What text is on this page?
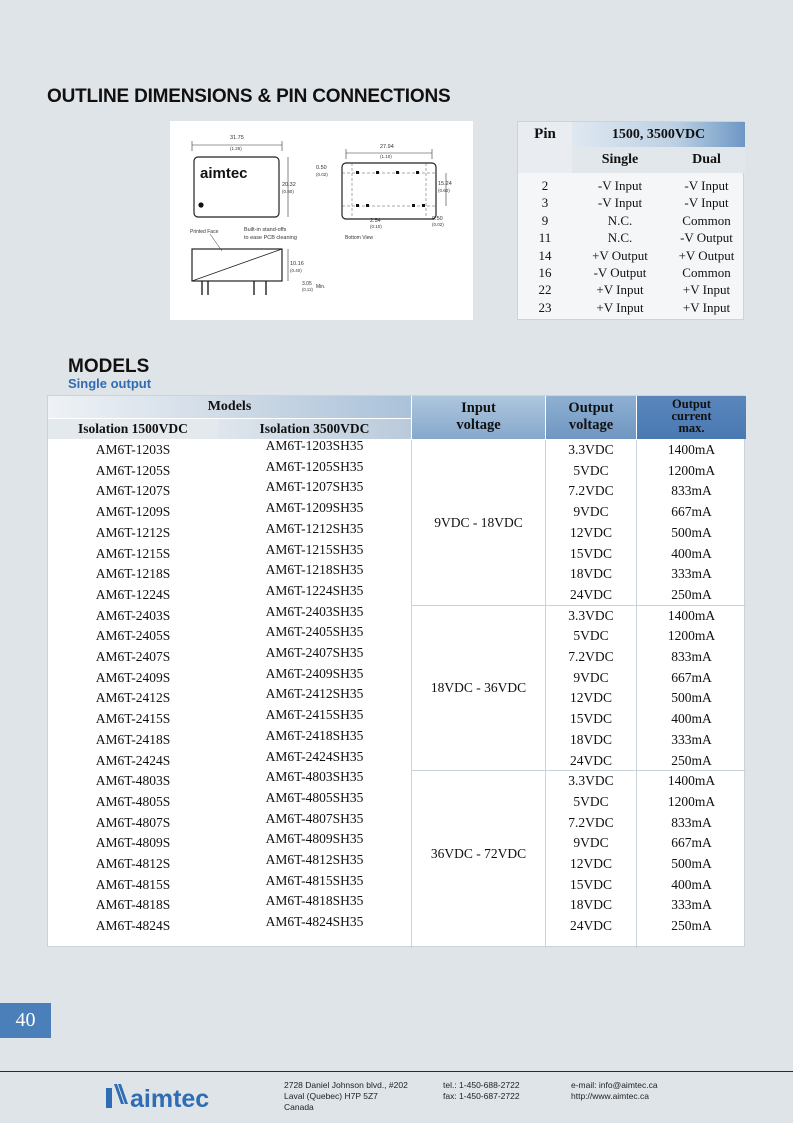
OUTLINE DIMENSIONS & PIN CONNECTIONS
31.75
(1.25)
aimtec
20.32
(0.80)
0.50
(0.02)
27.94
(1.10)
15.24
(0.60)
2.54
(0.10)
0.50
(0.02)
Bottom View
Printed Face	Built-in stand-offs
to ease PCB cleaning
10.16
(0.40)
3.05
(0.12) Min.
Pin	1500, 3500VDC
Single	Dual
2	-V Input	-V Input
3	-V Input	-V Input
9	N.C.	Common
11	N.C.	-V Output
14	+V Output	+V Output
16	-V Output	Common
22	+V Input	+V Input
23	+V Input	+V Input
MODELS
Single output
Models
Isolation 1500VDC	Isolation 3500VDC
Input
voltage
Output
voltage
Output
current
max.
AM6T-1203S	AM6T-1203SH35	3.3VDC	1400mA
AM6T-1205S	AM6T-1205SH35	5VDC	1200mA
AM6T-1207S	AM6T-1207SH35	7.2VDC	833mA
AM6T-1209S	AM6T-1209SH35	9VDC	667mA
AM6T-1212S	AM6T-1212SH35	12VDC	500mA
AM6T-1215S	AM6T-1215SH35	15VDC	400mA
AM6T-1218S	AM6T-1218SH35	18VDC	333mA
AM6T-1224S	AM6T-1224SH35	24VDC	250mA
9VDC - 18VDC
AM6T-2403S	AM6T-2403SH35	3.3VDC	1400mA
AM6T-2405S	AM6T-2405SH35	5VDC	1200mA
AM6T-2407S	AM6T-2407SH35	7.2VDC	833mA
AM6T-2409S	AM6T-2409SH35	9VDC	667mA
AM6T-2412S	AM6T-2412SH35	12VDC	500mA
AM6T-2415S	AM6T-2415SH35	15VDC	400mA
AM6T-2418S	AM6T-2418SH35	18VDC	333mA
AM6T-2424S	AM6T-2424SH35	24VDC	250mA
18VDC - 36VDC
AM6T-4803S	AM6T-4803SH35	3.3VDC	1400mA
AM6T-4805S	AM6T-4805SH35	5VDC	1200mA
AM6T-4807S	AM6T-4807SH35	7.2VDC	833mA
AM6T-4809S	AM6T-4809SH35	9VDC	667mA
AM6T-4812S	AM6T-4812SH35	12VDC	500mA
AM6T-4815S	AM6T-4815SH35	15VDC	400mA
AM6T-4818S	AM6T-4818SH35	18VDC	333mA
AM6T-4824S	AM6T-4824SH35	24VDC	250mA
36VDC - 72VDC
40
aimtec	2728 Daniel Johnson blvd., #202
Laval (Quebec) H7P 5Z7
Canada
tel.: 1-450-688-2722
fax: 1-450-687-2722
e-mail: info@aimtec.ca
http://www.aimtec.ca
